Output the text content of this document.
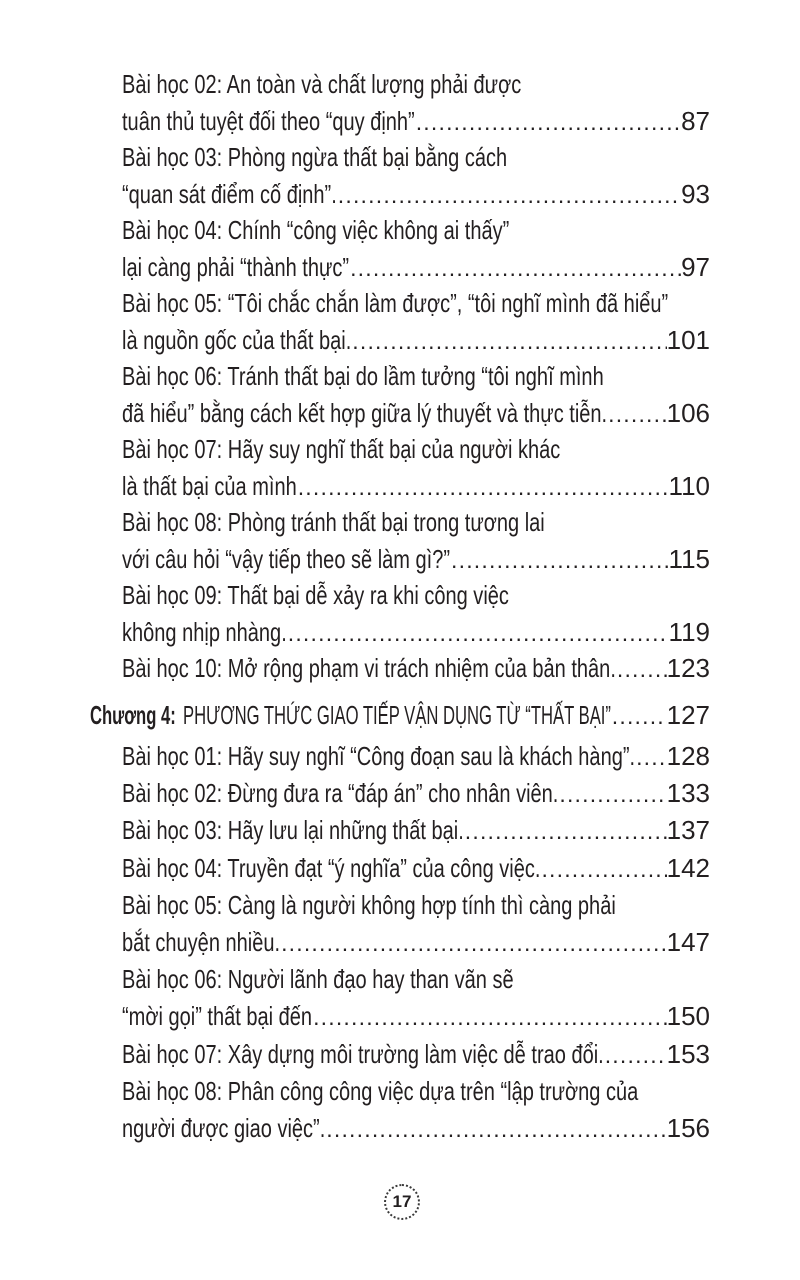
Bài học 02: An toàn và chất lượng phải được
tuân thủ tuyệt đối theo “quy định” .....	87
Bài học 03: Phòng ngừa thất bại bằng cách
“quan sát điểm cố định”. .....	93
Bài học 04: Chính “công việc không ai thấy”
lại càng phải “thành thực” .....	97
Bài học 05: “Tôi chắc chắn làm được”, “tôi nghĩ mình đã hiểu”
là nguồn gốc của thất bại. .....	101
Bài học 06: Tránh thất bại do lầm tưởng “tôi nghĩ mình
đã hiểu” bằng cách kết hợp giữa lý thuyết và thực tiễn. ..... 106
Bài học 07: Hãy suy nghĩ thất bại của người khác
là thất bại của mình .....	110
Bài học 08: Phòng tránh thất bại trong tương lai
với câu hỏi “vậy tiếp theo sẽ làm gì?” .....	115
Bài học 09: Thất bại dễ xảy ra khi công việc
không nhịp nhàng. .....	119
Bài học 10: Mở rộng phạm vi trách nhiệm của bản thân. ..... 123
Chương 4: PHƯƠNG THỨC GIAO TIẾP VẬN DỤNG TỪ “THẤT BẠI” ..... 127
Bài học 01: Hãy suy nghĩ “Công đoạn sau là khách hàng”. ..... 128
Bài học 02: Đừng đưa ra “đáp án” cho nhân viên. .....	133
Bài học 03: Hãy lưu lại những thất bại. .....	137
Bài học 04: Truyền đạt “ý nghĩa” của công việc. .....	142
Bài học 05: Càng là người không hợp tính thì càng phải
bắt chuyện nhiều. .....	147
Bài học 06: Người lãnh đạo hay than vãn sẽ
“mời gọi” thất bại đến .....	150
Bài học 07: Xây dựng môi trường làm việc dễ trao đổi. ..... 153
Bài học 08: Phân công công việc dựa trên “lập trường của
người được giao việc”. .....	156
17
